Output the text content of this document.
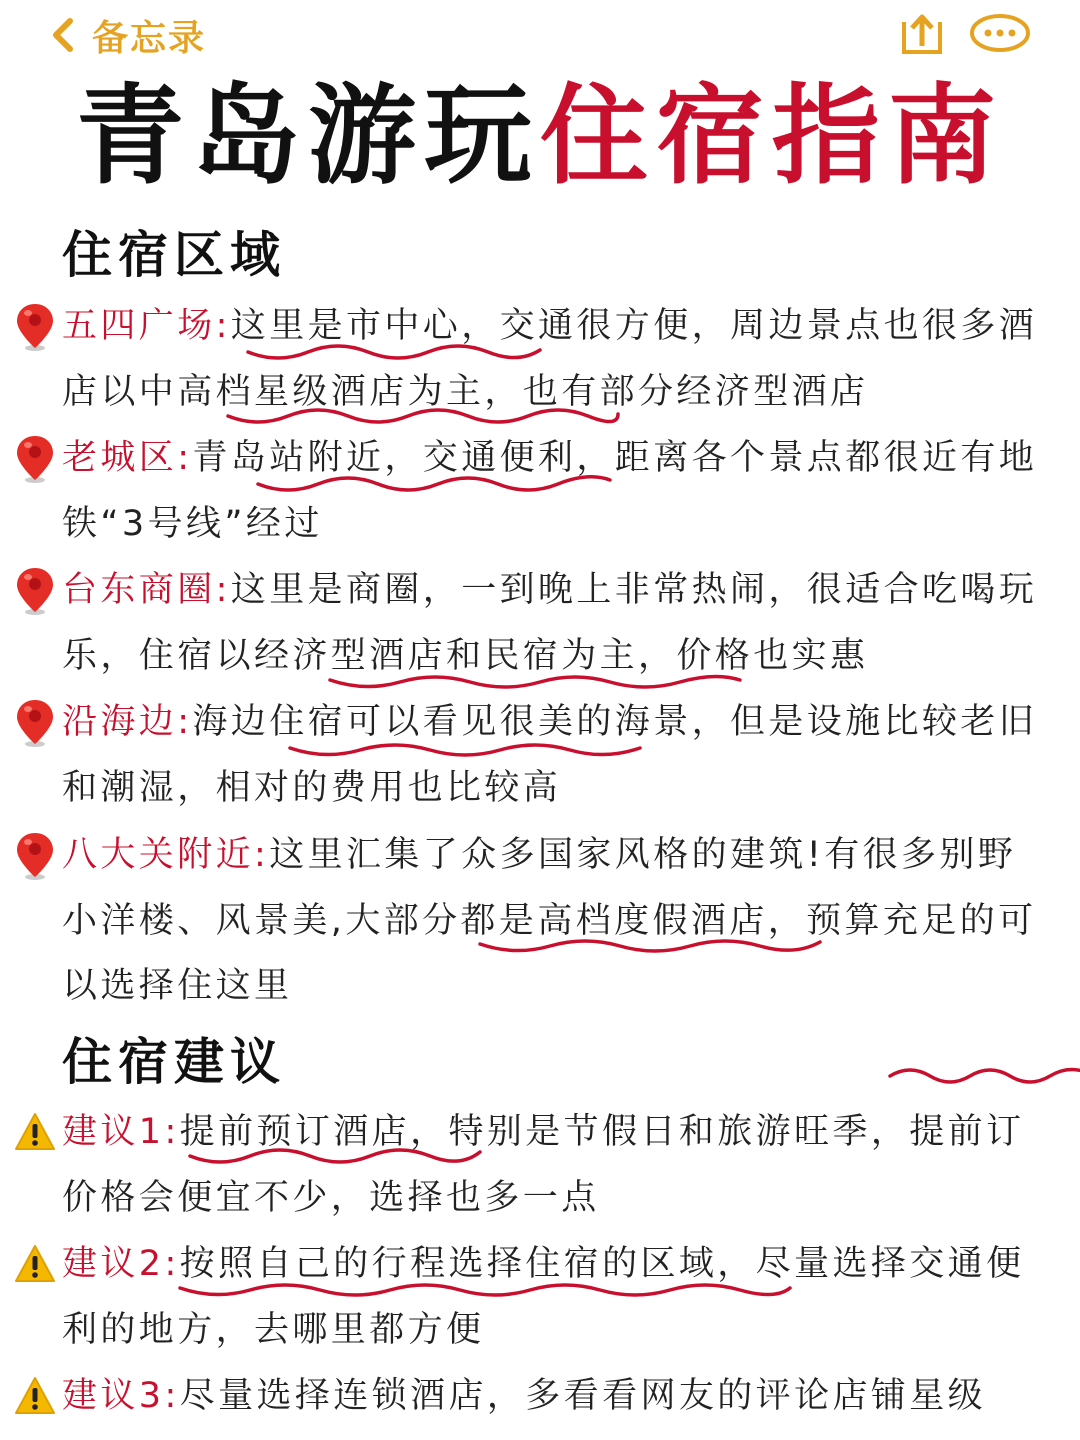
备忘录
青岛游玩住宿指南
住宿区域
五四广场:这里是市中心，交通很方便，周边景点也很多酒店以中高档星级酒店为主，也有部分经济型酒店
老城区:青岛站附近，交通便利，距离各个景点都很近有地铁“3号线”经过
台东商圈:这里是商圈，一到晚上非常热闹，很适合吃喝玩乐，住宿以经济型酒店和民宿为主，价格也实惠
沿海边:海边住宿可以看见很美的海景，但是设施比较老旧和潮湿，相对的费用也比较高
八大关附近:这里汇集了众多国家风格的建筑!有很多别野小洋楼、风景美,大部分都是高档度假酒店，预算充足的可以选择住这里
住宿建议
建议1:提前预订酒店，特别是节假日和旅游旺季，提前订价格会便宜不少，选择也多一点
建议2:按照自己的行程选择住宿的区域，尽量选择交通便利的地方，去哪里都方便
建议3:尽量选择连锁酒店，多看看网友的评论店铺星级
